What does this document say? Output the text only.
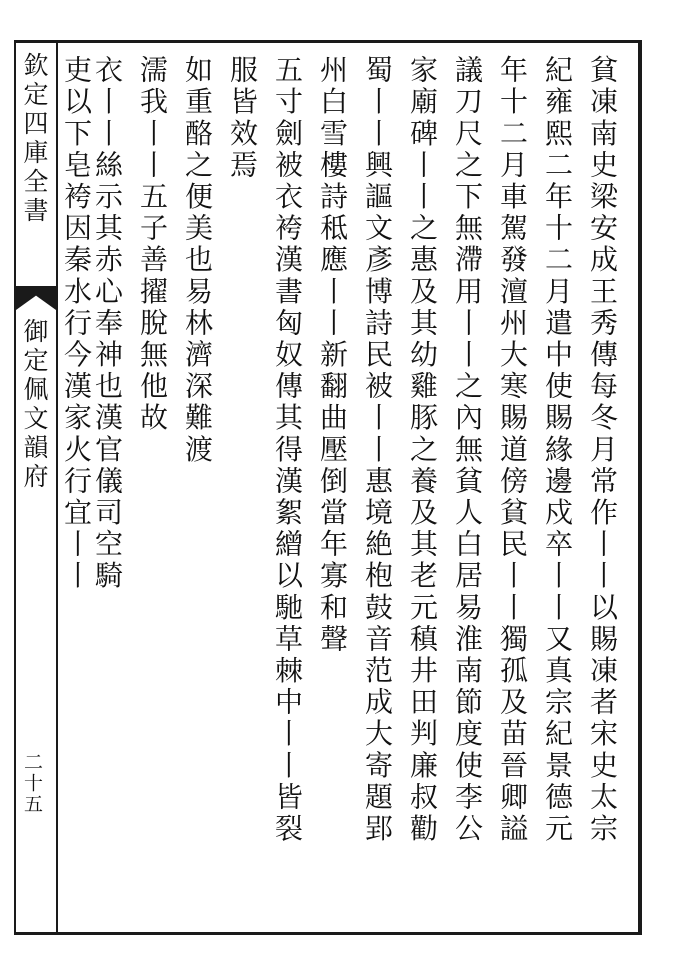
欽定四庫全書
御定佩文韻府
二十五	貧凍南史梁安成王秀傳每冬月常作丨丨以賜凍者宋史太宗
紀雍熙二年十二月遣中使賜緣邊戍卒丨丨又真宗紀景德元
年十二月車駕發澶州大寒賜道傍貧民丨丨獨孤及苗晉卿謚
議刀尺之下無滯用丨丨之內無貧人白居易淮南節度使李公
家廟碑丨丨之惠及其幼雞豚之養及其老元稹井田判廉叔勸
蜀丨丨興謳文彥博詩民被丨丨惠境絶枹鼓音范成大寄題郢
州白雪樓詩秪應丨丨新翻曲壓倒當年寡和聲
五寸劍被衣袴漢書匈奴傳其得漢絮繒以馳草棘中丨丨皆裂
服皆效焉
如重酪之便美也易林濟深難渡
濡我丨丨五子善擢脫無他故
衣丨丨絲示其赤心奉神也漢官儀司空騎
吏以下皂袴因秦水行今漢家火行宜丨丨
